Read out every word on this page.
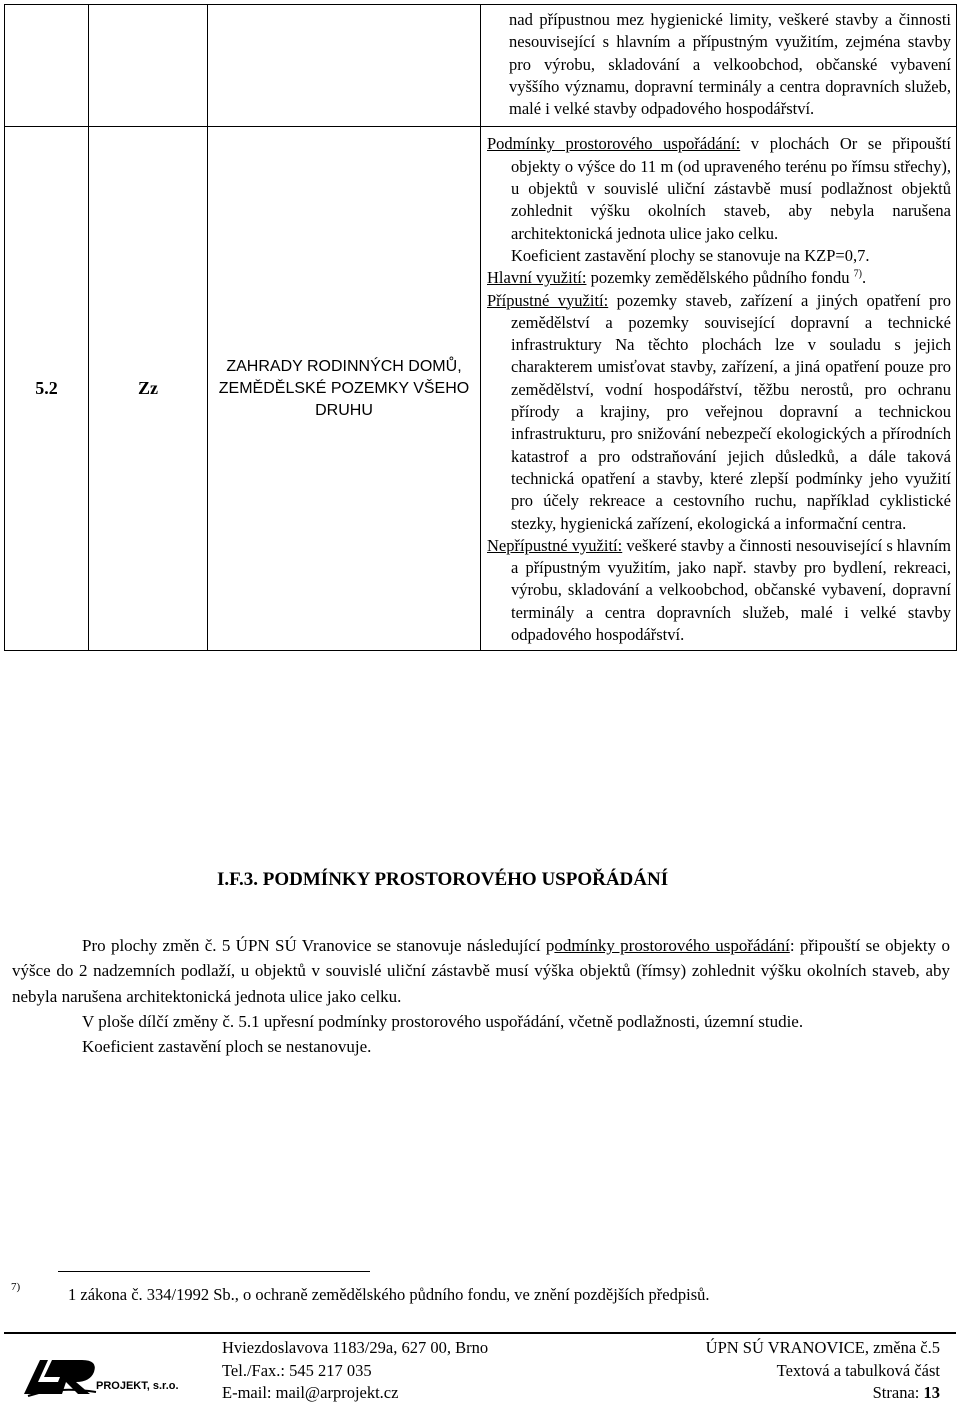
			nad přípustnou mez hygienické limity, veškeré stavby a činnosti nesouvisející s hlavním a přípustným využitím, zejména stavby pro výrobu, skladování a velkoobchod, občanské vybavení vyššího významu, dopravní terminály a centra dopravních služeb, malé i velké stavby odpadového hospodářství.

5.2	Zz	ZAHRADY RODINNÝCH DOMŮ, ZEMĚDĚLSKÉ POZEMKY VŠEHO DRUHU	Podmínky prostorového uspořádání: v plochách Or se připouští objekty o výšce do 11 m (od upraveného terénu po římsu střechy), u objektů v souvislé uliční zástavbě musí podlažnost objektů zohlednit výšku okolních staveb, aby nebyla narušena architektonická jednota ulice jako celku.
Koeficient zastavění plochy se stanovuje na KZP=0,7.
Hlavní využití: pozemky zemědělského půdního fondu $^{7)}$.
Přípustné využití: pozemky staveb, zařízení a jiných opatření pro zemědělství a pozemky související dopravní a technické infrastruktury Na těchto plochách lze v souladu s jejich charakterem umisťovat stavby, zařízení, a jiná opatření pouze pro zemědělství, vodní hospodářství, těžbu nerostů, pro ochranu přírody a krajiny, pro veřejnou dopravní a technickou infrastrukturu, pro snižování nebezpečí ekologických a přírodních katastrof a pro odstraňování jejich důsledků, a dále taková technická opatření a stavby, které zlepší podmínky jeho využití pro účely rekreace a cestovního ruchu, například cyklistické stezky, hygienická zařízení, ekologická a informační centra.
Nepřípustné využití: veškeré stavby a činnosti nesouvisející s hlavním a přípustným využitím, jako např. stavby pro bydlení, rekreaci, výrobu, skladování a velkoobchod, občanské vybavení, dopravní terminály a centra dopravních služeb, malé i velké stavby odpadového hospodářství.
I.F.3. PODMÍNKY PROSTOROVÉHO USPOŘÁDÁNÍ

Pro plochy změn č. 5 ÚPN SÚ Vranovice se stanovuje následující podmínky prostorového uspořádání: připouští se objekty o výšce do 2 nadzemních podlaží, u objektů v souvislé uliční zástavbě musí výška objektů (římsy) zohlednit výšku okolních staveb, aby nebyla narušena architektonická jednota ulice jako celku.

V ploše dílčí změny č. 5.1 upřesní podmínky prostorového uspořádání, včetně podlažnosti, územní studie.

Koeficient zastavění ploch se nestanovuje.

7)	1 zákona č. 334/1992 Sb., o ochraně zemědělského půdního fondu, ve znění pozdějších předpisů.
PROJEKT, s.r.o.
Hviezdoslavova 1183/29a, 627 00, Brno
Tel./Fax.: 545 217 035
E-mail: mail@arprojekt.cz
ÚPN SÚ VRANOVICE, změna č.5
Textová a tabulková část
Strana: 13
